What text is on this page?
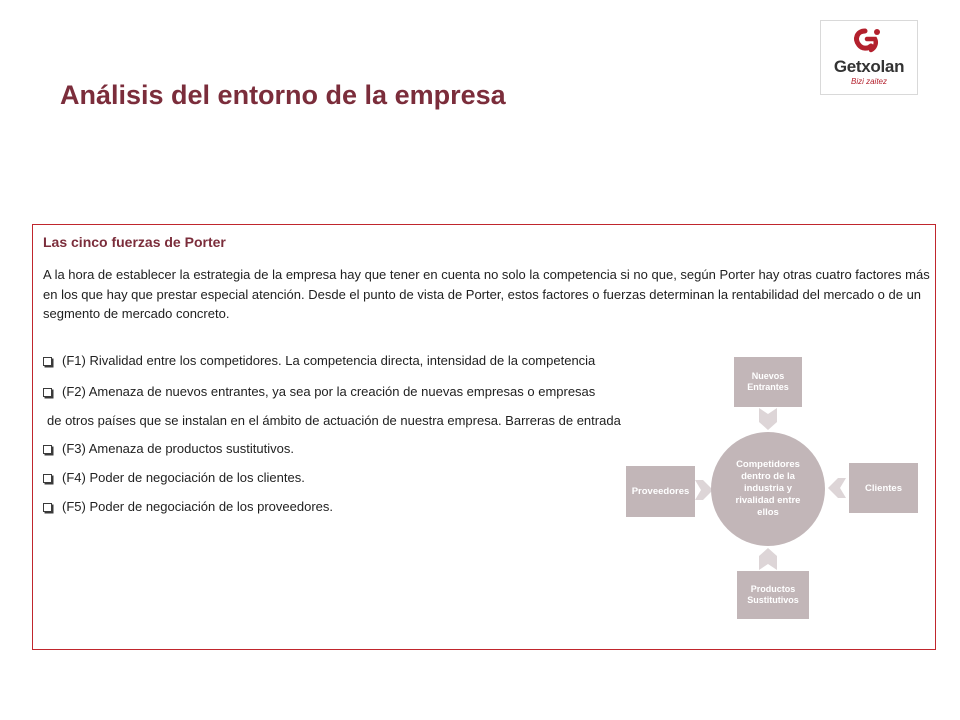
Análisis del entorno de la empresa
Getxolan
Bizi zaitez
Las cinco fuerzas de Porter
A la hora de establecer la estrategia de la empresa hay que tener en cuenta no solo la competencia si no que, según Porter hay otras cuatro factores más en los que hay que prestar especial atención. Desde el punto de vista de Porter, estos factores o fuerzas determinan la rentabilidad del mercado o de un segmento de mercado concreto.
(F1) Rivalidad entre los competidores. La competencia directa, intensidad de la competencia
(F2) Amenaza de nuevos entrantes, ya sea por la creación de nuevas empresas o empresas
de otros países que se instalan en el ámbito de actuación de nuestra empresa. Barreras de entrada
(F3) Amenaza de productos sustitutivos.
(F4) Poder de negociación de los clientes.
(F5) Poder de negociación de los proveedores.
Nuevos Entrantes
Clientes
Productos Sustitutivos
Proveedores
Competidores dentro de la industria y rivalidad entre ellos
